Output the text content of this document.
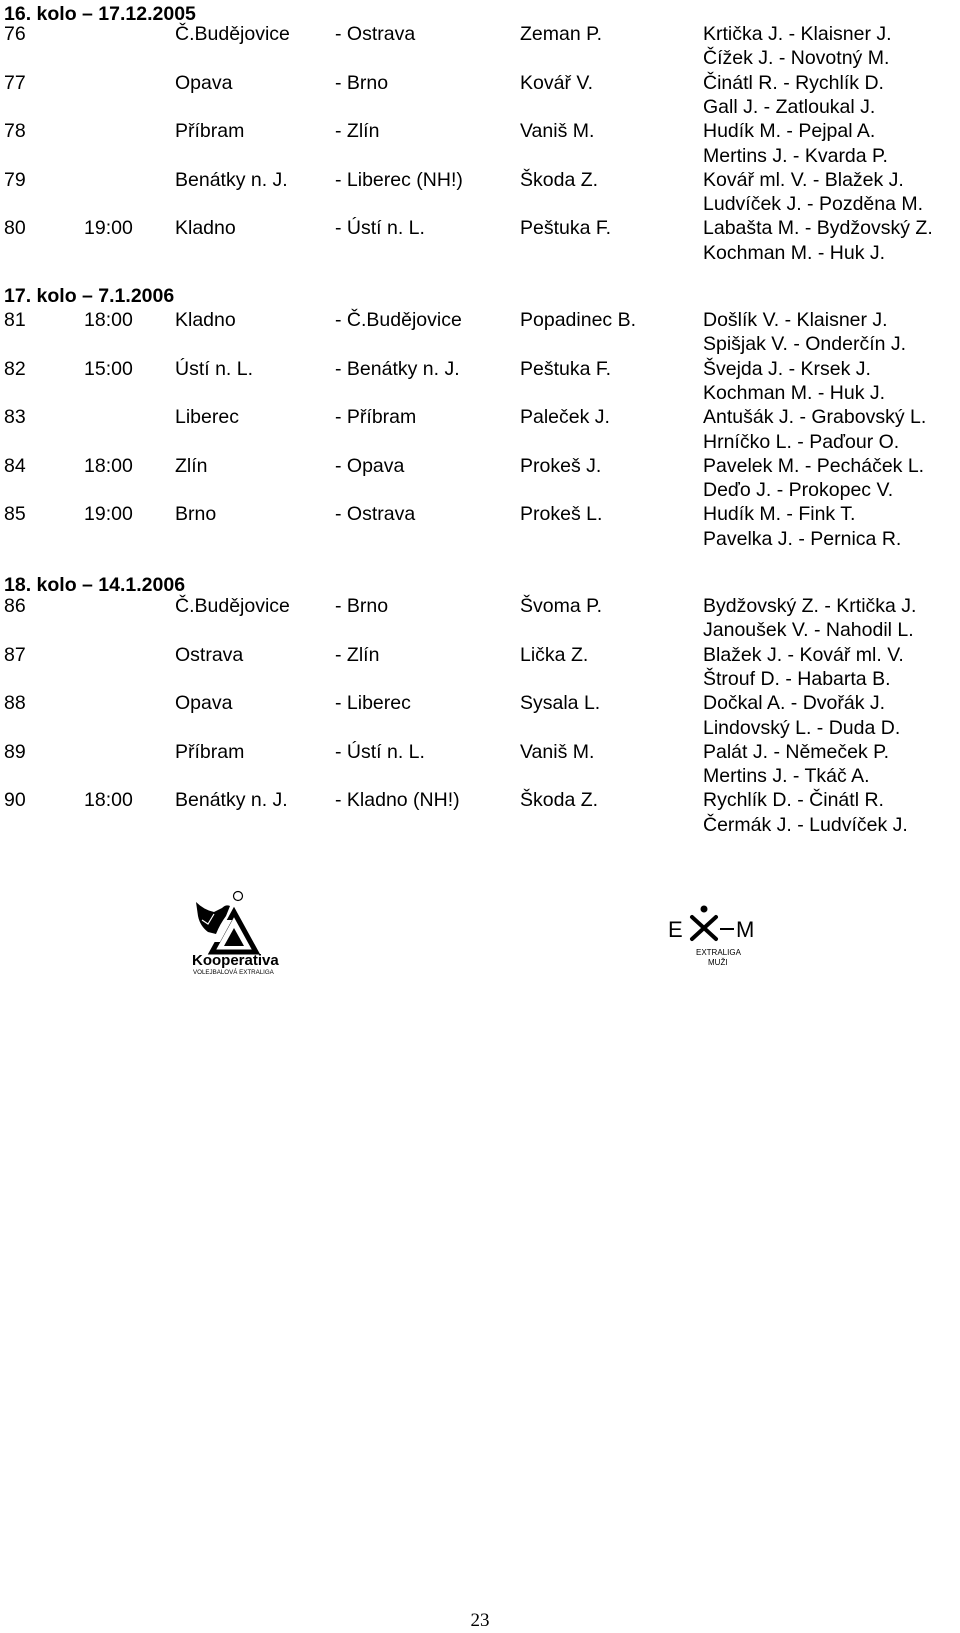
16. kolo – 17.12.2005
76	Č.Budějovice - Ostrava	Zeman P.	Krtička J. - Klaisner J.
Čížek J. - Novotný M.
77	Opava	- Brno	Kovář V.	Činátl R. - Rychlík D.
Gall J. - Zatloukal J.
78	Příbram	- Zlín	Vaniš M.	Hudík M. - Pejpal A.
Mertins J. - Kvarda P.
79	Benátky n. J. - Liberec (NH!)	Škoda Z.	Kovář ml. V. - Blažek J.
Ludvíček J. - Pozděna M.
80	19:00 Kladno	- Ústí n. L.	Peštuka F.	Labašta M. - Bydžovský Z.
Kochman M. - Huk J.
17. kolo – 7.1.2006
81	18:00 Kladno	- Č.Budějovice	Popadinec B.	Došlík V. - Klaisner J.
Spišjak V. - Onderčín J.
82	15:00 Ústí n. L.	- Benátky n. J.	Peštuka F.	Švejda J. - Krsek J.
Kochman M. - Huk J.
83	Liberec	- Příbram	Paleček J.	Antušák J. - Grabovský L.
Hrníčko L. - Paďour O.
84	18:00 Zlín	- Opava	Prokeš J.	Pavelek M. - Pecháček L.
Deďo J. - Prokopec V.
85	19:00 Brno	- Ostrava	Prokeš L.	Hudík M. - Fink T.
Pavelka J. - Pernica R.
18. kolo – 14.1.2006
86	Č.Budějovice - Brno	Švoma P.	Bydžovský Z. - Krtička J.
Janoušek V. - Nahodil L.
87	Ostrava	- Zlín	Lička Z.	Blažek J. - Kovář ml. V.
Štrouf D. - Habarta B.
88	Opava	- Liberec	Sysala L.	Dočkal A. - Dvořák J.
Lindovský L. - Duda D.
89	Příbram	- Ústí n. L.	Vaniš M.	Palát J. - Němeček P.
Mertins J. - Tkáč A.
90	18:00 Benátky n. J. - Kladno (NH!)	Škoda Z.	Rychlík D. - Činátl R.
Čermák J. - Ludvíček J.
Kooperativa
VOLEJBALOVÁ EXTRALIGA
E M
EXTRALIGA
MUŽI
23
